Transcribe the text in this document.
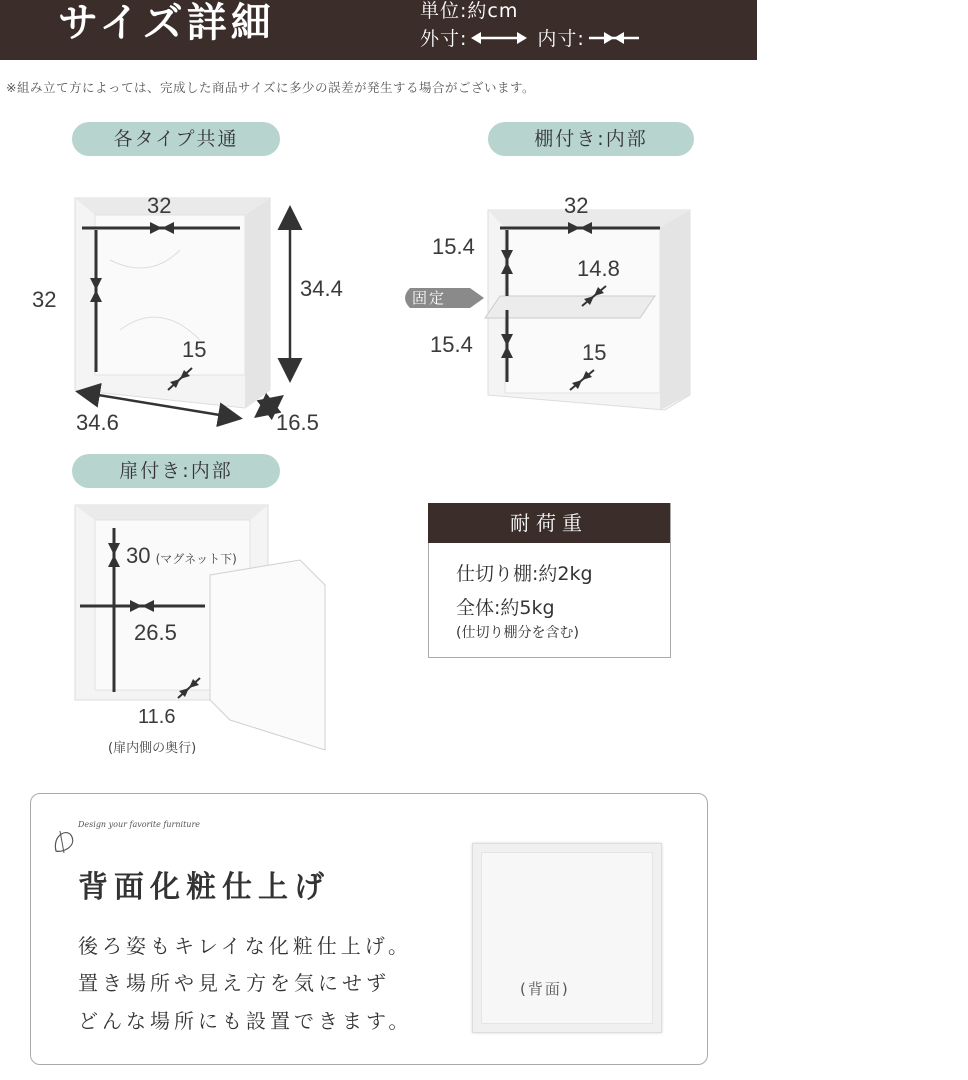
サイズ詳細	単位:約cm
外寸:	内寸:
※組み立て方によっては、完成した商品サイズに多少の誤差が発生する場合がございます。
各タイプ共通	棚付き:内部
扉付き:内部
32
32	34.4
15
34.6	16.5
32
15.4
14.8
固定
15.4	15
30 (マグネット下)
26.5
11.6
(扉内側の奥行)
耐荷重
仕切り棚:約2kg
全体:約5kg
(仕切り棚分を含む)
Design your favorite furniture
背面化粧仕上げ
後ろ姿もキレイな化粧仕上げ。
置き場所や見え方を気にせず
どんな場所にも設置できます。
(背面)
